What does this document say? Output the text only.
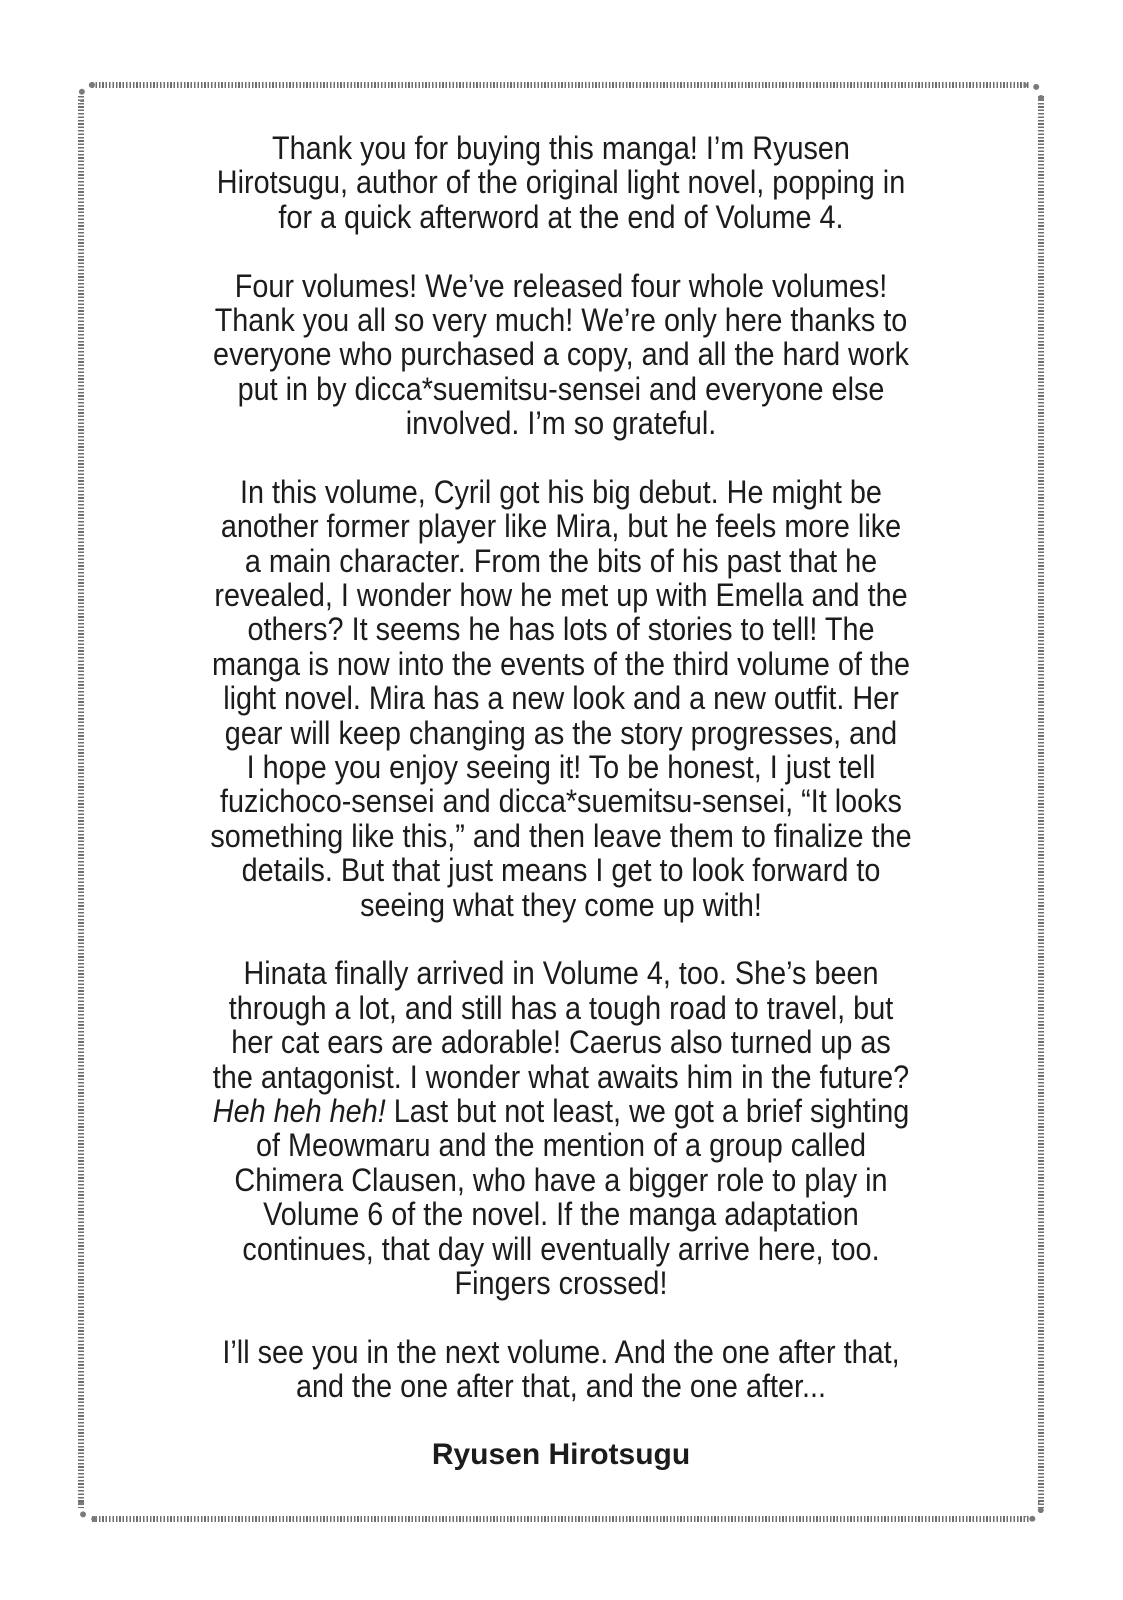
Thank you for buying this manga! I’m Ryusen
Hirotsugu, author of the original light novel, popping in
for a quick afterword at the end of Volume 4.
Four volumes! We’ve released four whole volumes!
Thank you all so very much! We’re only here thanks to
everyone who purchased a copy, and all the hard work
put in by dicca*suemitsu-sensei and everyone else
involved. I’m so grateful.
In this volume, Cyril got his big debut. He might be
another former player like Mira, but he feels more like
a main character. From the bits of his past that he
revealed, I wonder how he met up with Emella and the
others? It seems he has lots of stories to tell! The
manga is now into the events of the third volume of the
light novel. Mira has a new look and a new outfit. Her
gear will keep changing as the story progresses, and
I hope you enjoy seeing it! To be honest, I just tell
fuzichoco-sensei and dicca*suemitsu-sensei, “It looks
something like this,” and then leave them to finalize the
details. But that just means I get to look forward to
seeing what they come up with!
Hinata finally arrived in Volume 4, too. She’s been
through a lot, and still has a tough road to travel, but
her cat ears are adorable! Caerus also turned up as
the antagonist. I wonder what awaits him in the future?
Heh heh heh! Last but not least, we got a brief sighting
of Meowmaru and the mention of a group called
Chimera Clausen, who have a bigger role to play in
Volume 6 of the novel. If the manga adaptation
continues, that day will eventually arrive here, too.
Fingers crossed!
I’ll see you in the next volume. And the one after that,
and the one after that, and the one after...
Ryusen Hirotsugu
